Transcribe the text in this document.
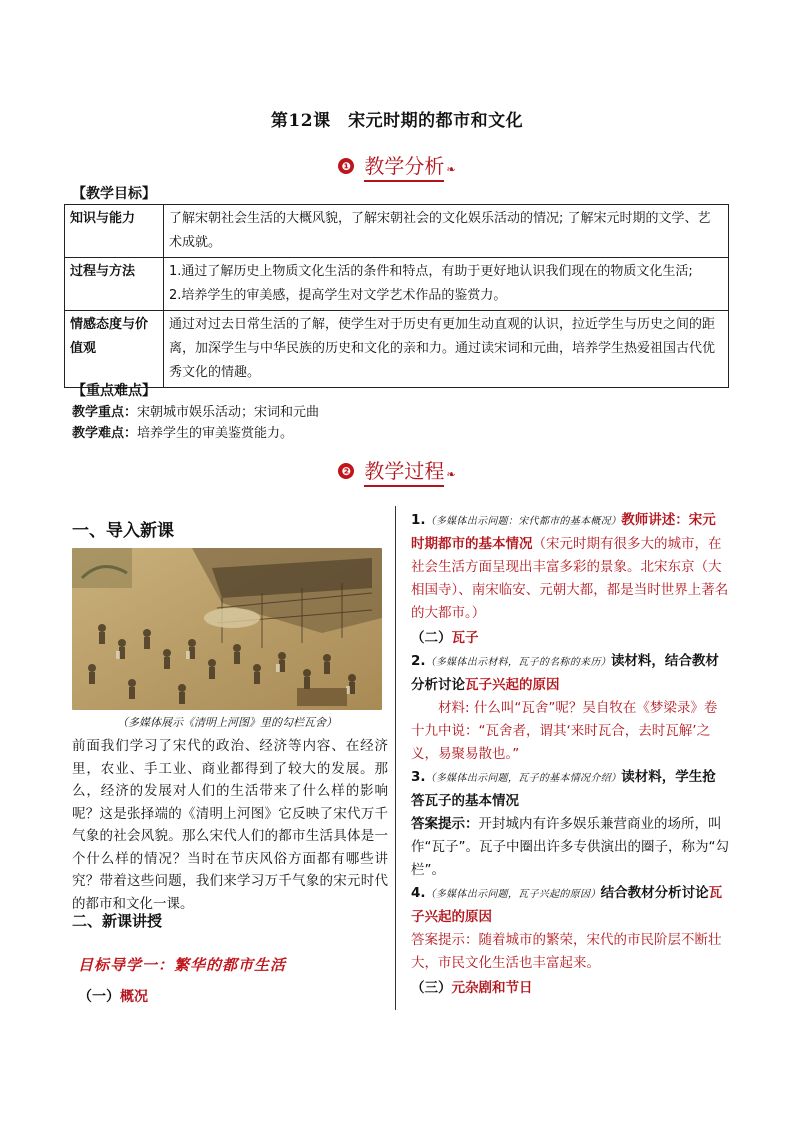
第12课　宋元时期的都市和文化
❶ 教学分析 ❧
【教学目标】
知识与能力	了解宋朝社会生活的大概风貌，了解宋朝社会的文化娱乐活动的情况; 了解宋元时期的文学、艺术成就。
过程与方法	1.通过了解历史上物质文化生活的条件和特点，有助于更好地认识我们现在的物质文化生活;
2.培养学生的审美感，提高学生对文学艺术作品的鉴赏力。

情感态度与价值观	通过对过去日常生活的了解，使学生对于历史有更加生动直观的认识，拉近学生与历史之间的距离，加深学生与中华民族的历史和文化的亲和力。通过读宋词和元曲，培养学生热爱祖国古代优秀文化的情趣。
【重点难点】
教学重点：宋朝城市娱乐活动；宋词和元曲
教学难点：培养学生的审美鉴赏能力。
❷ 教学过程 ❧
一、导入新课
（多媒体展示《清明上河图》里的勾栏瓦舍）
前面我们学习了宋代的政治、经济等内容、在经济里，农业、手工业、商业都得到了较大的发展。那么，经济的发展对人们的生活带来了什么样的影响呢？这是张择端的《清明上河图》它反映了宋代万千气象的社会风貌。那么宋代人们的都市生活具体是一个什么样的情况？当时在节庆风俗方面都有哪些讲究？带着这些问题，我们来学习万千气象的宋元时代的都市和文化一课。
二、新课讲授
目标导学一：繁华的都市生活
（一）概况

1.（多媒体出示问题：宋代都市的基本概况）教师讲述：宋元时期都市的基本情况（宋元时期有很多大的城市，在社会生活方面呈现出丰富多彩的景象。北宋东京（大相国寺）、南宋临安、元朝大都，都是当时世界上著名的大都市。）

（二）瓦子

2.（多媒体出示材料，瓦子的名称的来历）读材料，结合教材分析讨论瓦子兴起的原因

材料: 什么叫“瓦舍”呢？吴自牧在《梦梁录》卷十九中说：“瓦舍者，谓其‘来时瓦合，去时瓦解’之义，易聚易散也。”

3.（多媒体出示问题，瓦子的基本情况介绍）读材料，学生抢答瓦子的基本情况

答案提示：开封城内有许多娱乐兼营商业的场所，叫作“瓦子”。瓦子中圈出许多专供演出的圈子，称为“勾栏”。

4.（多媒体出示问题，瓦子兴起的原因）结合教材分析讨论瓦子兴起的原因

答案提示：随着城市的繁荣，宋代的市民阶层不断壮大，市民文化生活也丰富起来。

（三）元杂剧和节日
